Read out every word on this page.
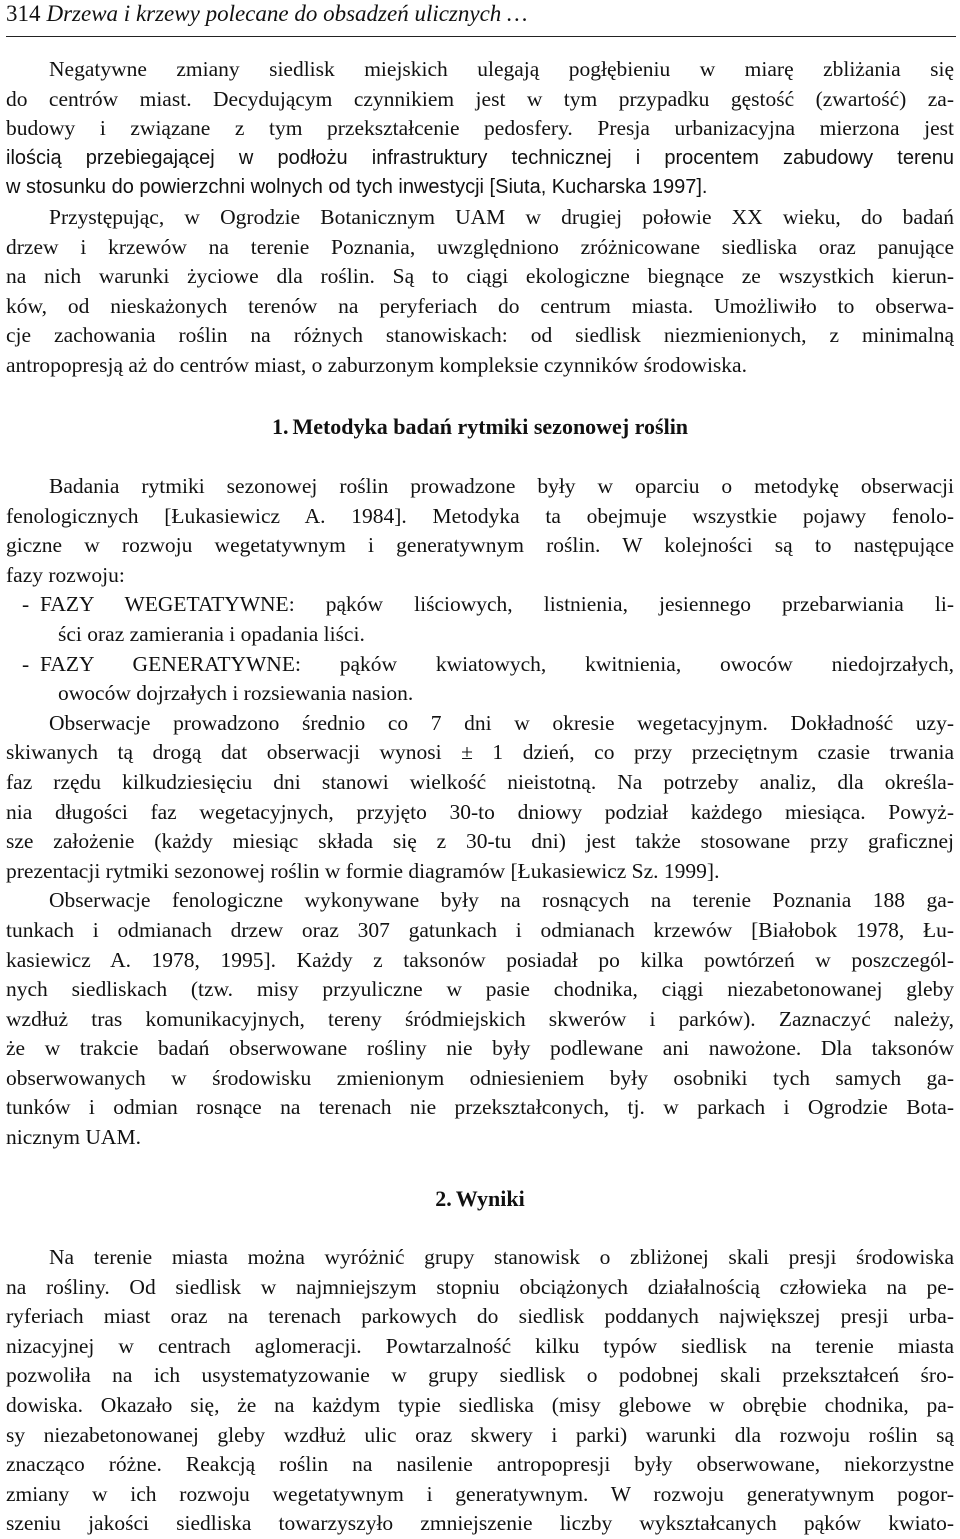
314 Drzewa i krzewy polecane do obsadzeń ulicznych …
Negatywne zmiany siedlisk miejskich ulegają pogłębieniu w miarę zbliżania się
do centrów miast. Decydującym czynnikiem jest w tym przypadku gęstość (zwartość) za-
budowy i związane z tym przekształcenie pedosfery. Presja urbanizacyjna mierzona jest
ilością przebiegającej w podłożu infrastruktury technicznej i procentem zabudowy terenu
w stosunku do powierzchni wolnych od tych inwestycji [Siuta, Kucharska 1997].
Przystępując, w Ogrodzie Botanicznym UAM w drugiej połowie XX wieku, do badań
drzew i krzewów na terenie Poznania, uwzględniono zróżnicowane siedliska oraz panujące
na nich warunki życiowe dla roślin. Są to ciągi ekologiczne biegnące ze wszystkich kierun-
ków, od nieskażonych terenów na peryferiach do centrum miasta. Umożliwiło to obserwa-
cje zachowania roślin na różnych stanowiskach: od siedlisk niezmienionych, z minimalną
antropopresją aż do centrów miast, o zaburzonym kompleksie czynników środowiska.
1. Metodyka badań rytmiki sezonowej roślin
Badania rytmiki sezonowej roślin prowadzone były w oparciu o metodykę obserwacji
fenologicznych [Łukasiewicz A. 1984]. Metodyka ta obejmuje wszystkie pojawy fenolo-
giczne w rozwoju wegetatywnym i generatywnym roślin. W kolejności są to następujące
fazy rozwoju:
- FAZY WEGETATYWNE: pąków liściowych, listnienia, jesiennego przebarwiania li-
ści oraz zamierania i opadania liści.
- FAZY GENERATYWNE: pąków kwiatowych, kwitnienia, owoców niedojrzałych,
owoców dojrzałych i rozsiewania nasion.
Obserwacje prowadzono średnio co 7 dni w okresie wegetacyjnym. Dokładność uzy-
skiwanych tą drogą dat obserwacji wynosi ± 1 dzień, co przy przeciętnym czasie trwania
faz rzędu kilkudziesięciu dni stanowi wielkość nieistotną. Na potrzeby analiz, dla określa-
nia długości faz wegetacyjnych, przyjęto 30-to dniowy podział każdego miesiąca. Powyż-
sze założenie (każdy miesiąc składa się z 30-tu dni) jest także stosowane przy graficznej
prezentacji rytmiki sezonowej roślin w formie diagramów [Łukasiewicz Sz. 1999].
Obserwacje fenologiczne wykonywane były na rosnących na terenie Poznania 188 ga-
tunkach i odmianach drzew oraz 307 gatunkach i odmianach krzewów [Białobok 1978, Łu-
kasiewicz A. 1978, 1995]. Każdy z taksonów posiadał po kilka powtórzeń w poszczegól-
nych siedliskach (tzw. misy przyuliczne w pasie chodnika, ciągi niezabetonowanej gleby
wzdłuż tras komunikacyjnych, tereny śródmiejskich skwerów i parków). Zaznaczyć należy,
że w trakcie badań obserwowane rośliny nie były podlewane ani nawożone. Dla taksonów
obserwowanych w środowisku zmienionym odniesieniem były osobniki tych samych ga-
tunków i odmian rosnące na terenach nie przekształconych, tj. w parkach i Ogrodzie Bota-
nicznym UAM.
2. Wyniki
Na terenie miasta można wyróżnić grupy stanowisk o zbliżonej skali presji środowiska
na rośliny. Od siedlisk w najmniejszym stopniu obciążonych działalnością człowieka na pe-
ryferiach miast oraz na terenach parkowych do siedlisk poddanych największej presji urba-
nizacyjnej w centrach aglomeracji. Powtarzalność kilku typów siedlisk na terenie miasta
pozwoliła na ich usystematyzowanie w grupy siedlisk o podobnej skali przekształceń śro-
dowiska. Okazało się, że na każdym typie siedliska (misy glebowe w obrębie chodnika, pa-
sy niezabetonowanej gleby wzdłuż ulic oraz skwery i parki) warunki dla rozwoju roślin są
znacząco różne. Reakcją roślin na nasilenie antropopresji były obserwowane, niekorzystne
zmiany w ich rozwoju wegetatywnym i generatywnym. W rozwoju generatywnym pogor-
szeniu jakości siedliska towarzyszyło zmniejszenie liczby wykształcanych pąków kwiato-
